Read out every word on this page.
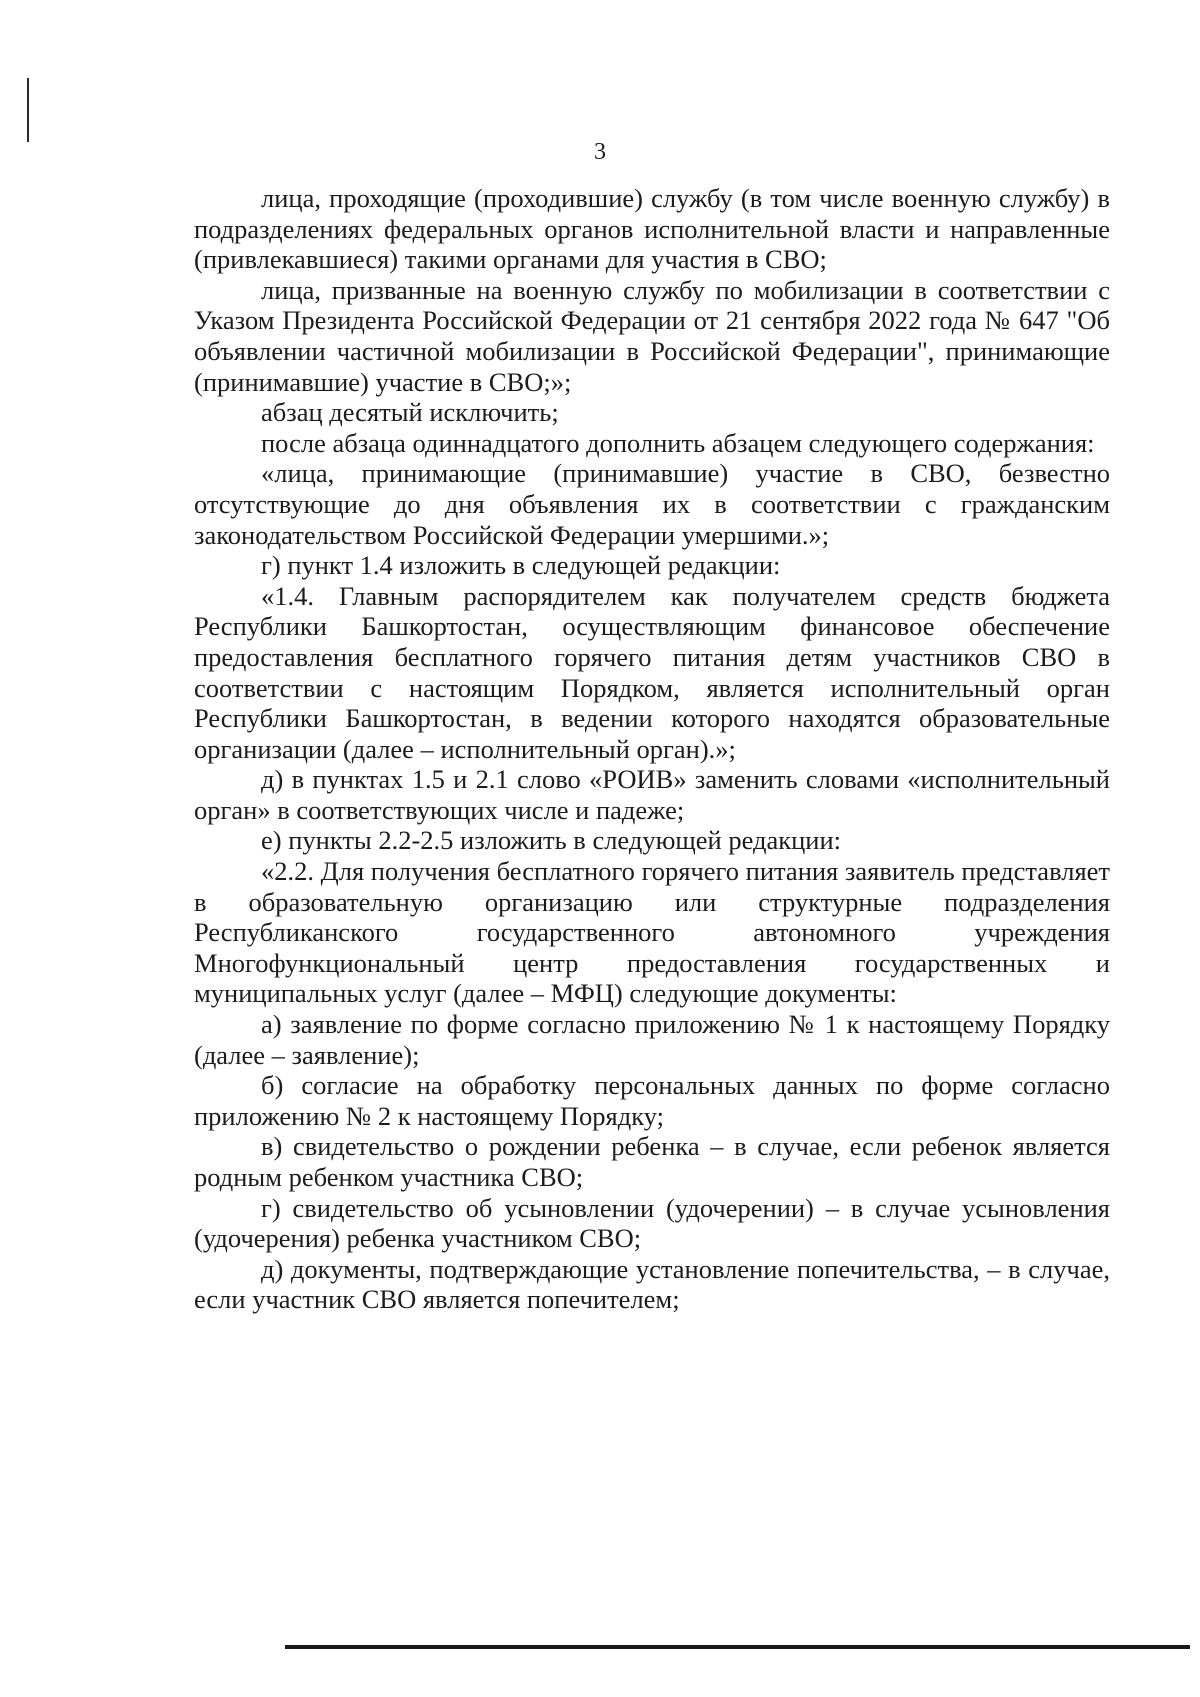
3

лица, проходящие (проходившие) службу (в том числе военную службу) в подразделениях федеральных органов исполнительной власти и направленные (привлекавшиеся) такими органами для участия в СВО;

лица, призванные на военную службу по мобилизации в соответствии с Указом Президента Российской Федерации от 21 сентября 2022 года № 647 "Об объявлении частичной мобилизации в Российской Федерации", принимающие (принимавшие) участие в СВО;»;

абзац десятый исключить;

после абзаца одиннадцатого дополнить абзацем следующего содержания:

«лица, принимающие (принимавшие) участие в СВО, безвестно отсутствующие до дня объявления их в соответствии с гражданским законодательством Российской Федерации умершими.»;

г) пункт 1.4 изложить в следующей редакции:

«1.4. Главным распорядителем как получателем средств бюджета Республики Башкортостан, осуществляющим финансовое обеспечение предоставления бесплатного горячего питания детям участников СВО в соответствии с настоящим Порядком, является исполнительный орган Республики Башкортостан, в ведении которого находятся образовательные организации (далее – исполнительный орган).»;

д) в пунктах 1.5 и 2.1 слово «РОИВ» заменить словами «исполнительный орган» в соответствующих числе и падеже;

е) пункты 2.2-2.5 изложить в следующей редакции:

«2.2. Для получения бесплатного горячего питания заявитель представляет в образовательную организацию или структурные подразделения Республиканского государственного автономного учреждения Многофункциональный центр предоставления государственных и муниципальных услуг (далее – МФЦ) следующие документы:

а) заявление по форме согласно приложению № 1 к настоящему Порядку (далее – заявление);

б) согласие на обработку персональных данных по форме согласно приложению № 2 к настоящему Порядку;

в) свидетельство о рождении ребенка – в случае, если ребенок является родным ребенком участника СВО;

г) свидетельство об усыновлении (удочерении) – в случае усыновления (удочерения) ребенка участником СВО;

д) документы, подтверждающие установление попечительства, – в случае, если участник СВО является попечителем;
